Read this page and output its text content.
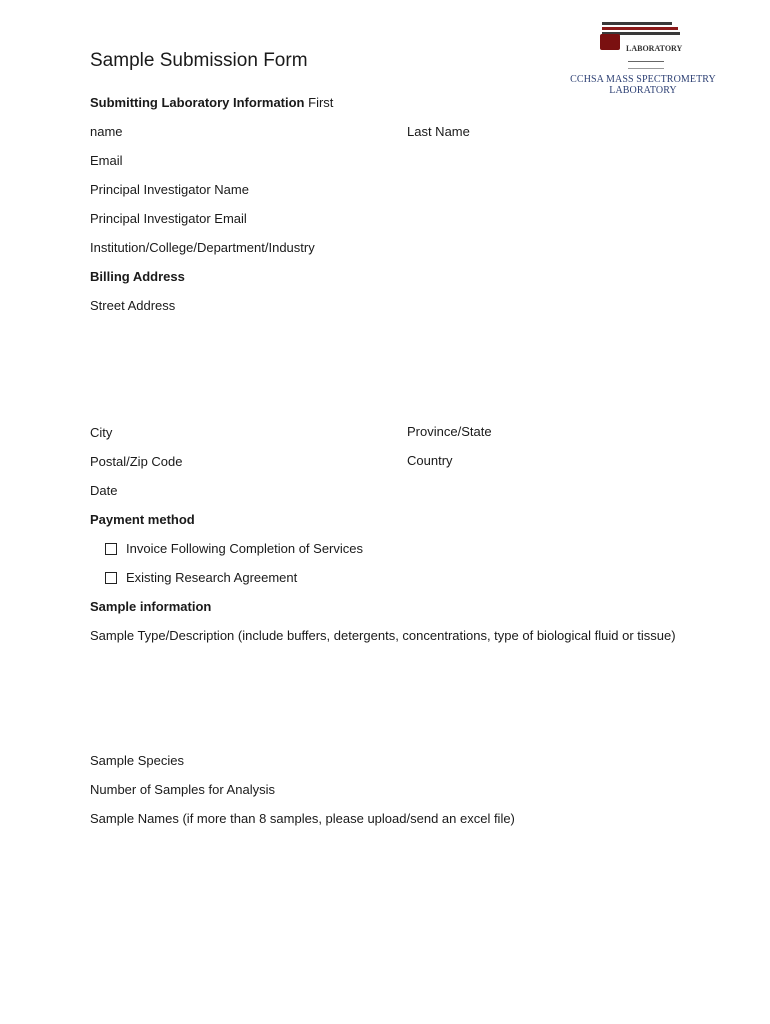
LABORATORY
CCHSA MASS SPECTROMETRY
LABORATORY
Sample Submission Form
Submitting Laboratory Information First
name	Last Name
Email
Principal Investigator Name
Principal Investigator Email
Institution/College/Department/Industry
Billing Address
Street Address
City	Province/State
Postal/Zip Code	Country
Date
Payment method
Invoice Following Completion of Services
Existing Research Agreement
Sample information
Sample Type/Description (include buffers, detergents, concentrations, type of biological fluid or tissue)
Sample Species
Number of Samples for Analysis
Sample Names (if more than 8 samples, please upload/send an excel file)
